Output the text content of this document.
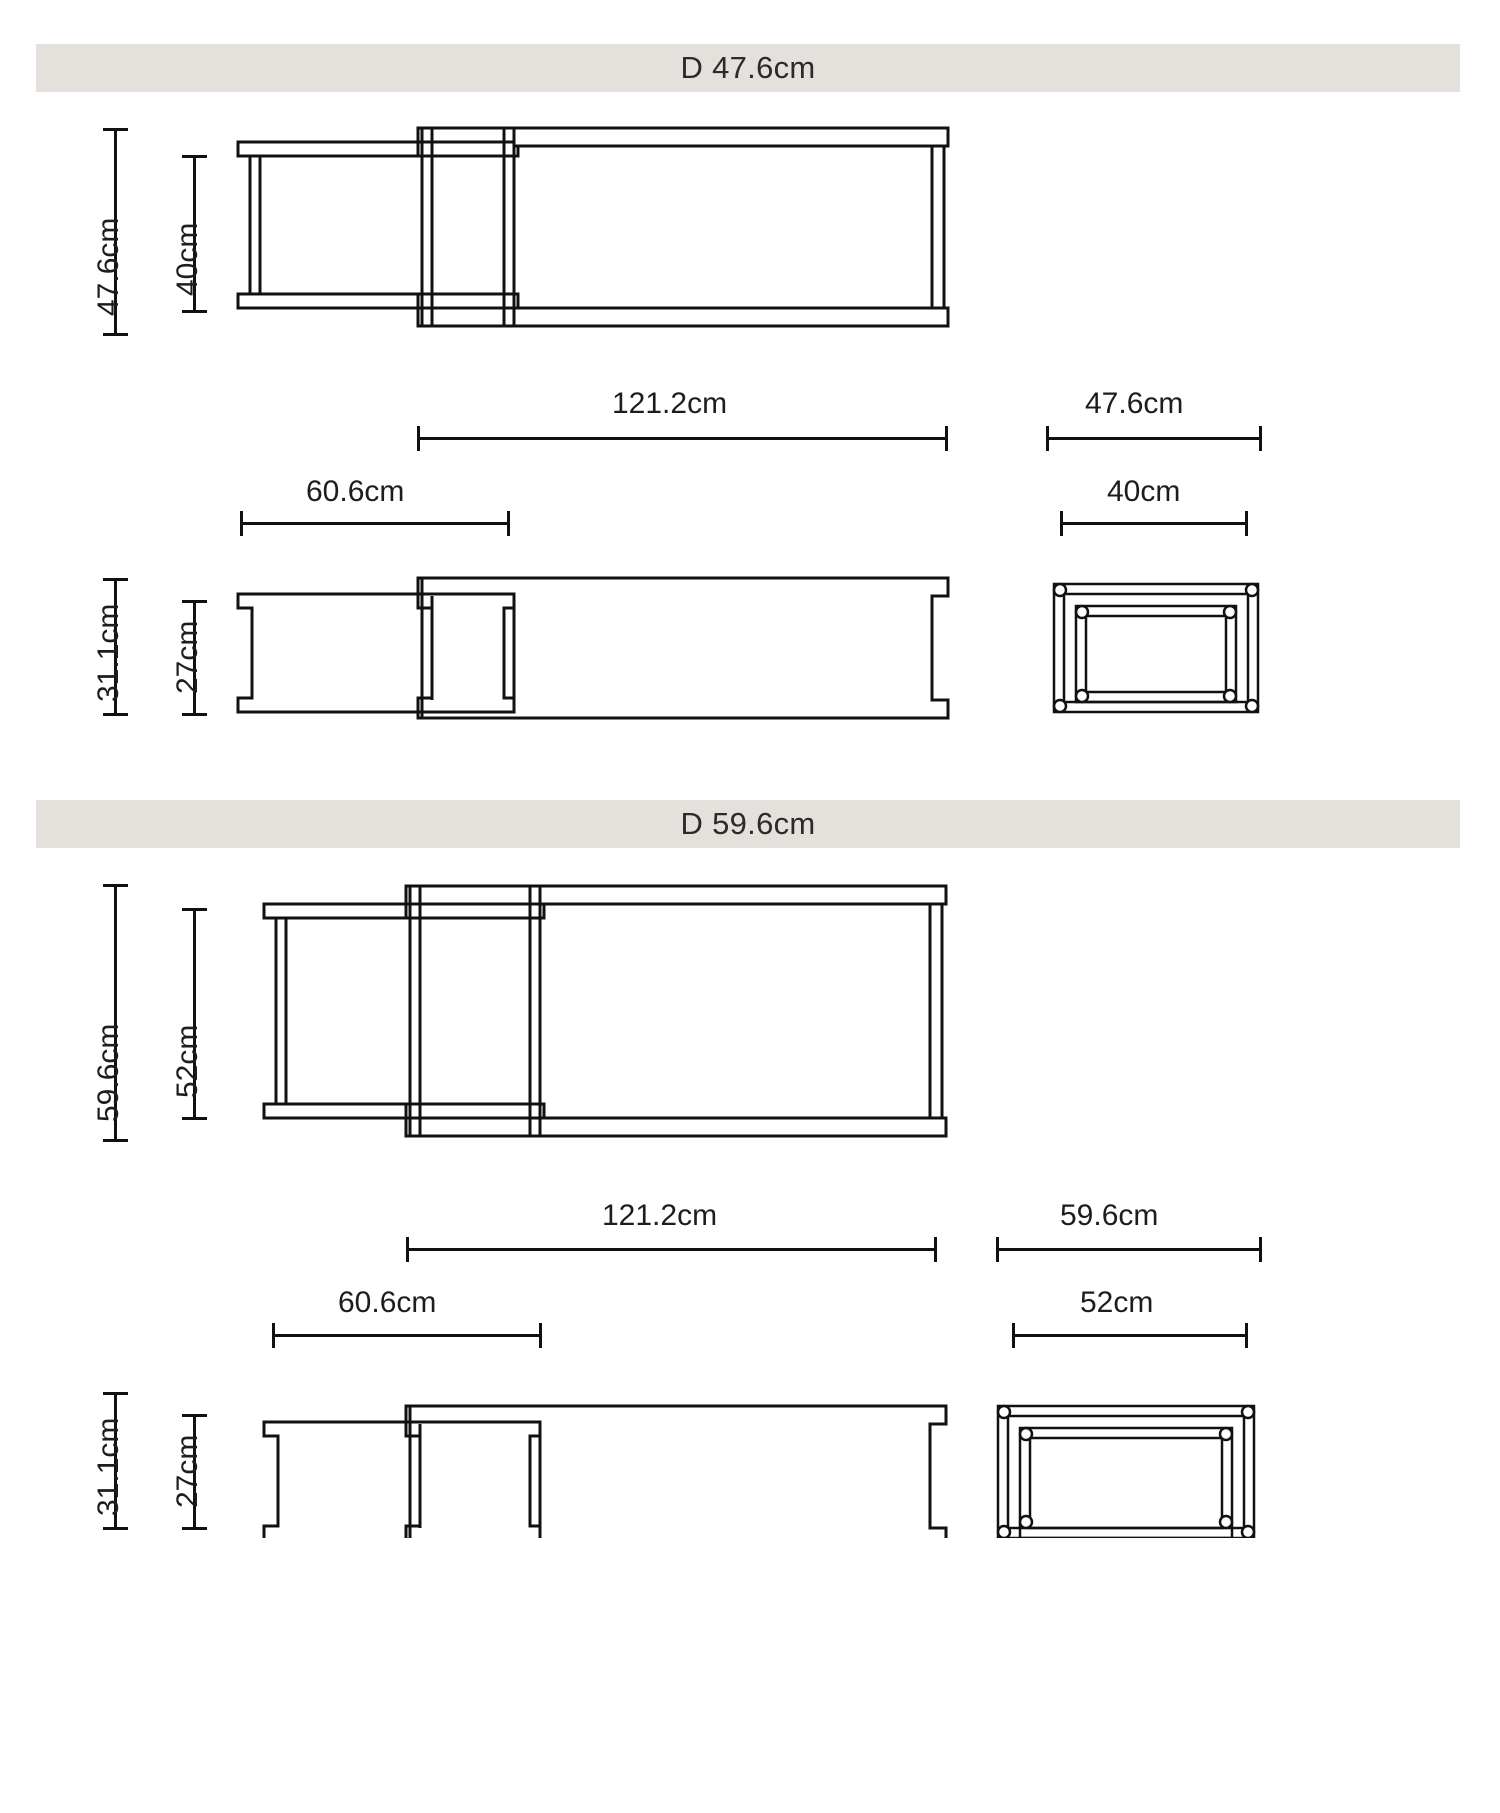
D 47.6cm
47.6cm 40cm
121.2cm	47.6cm
60.6cm	40cm
31.1cm 27cm
D 59.6cm
59.6cm 52cm
121.2cm	59.6cm
60.6cm	52cm
31.1cm 27cm
